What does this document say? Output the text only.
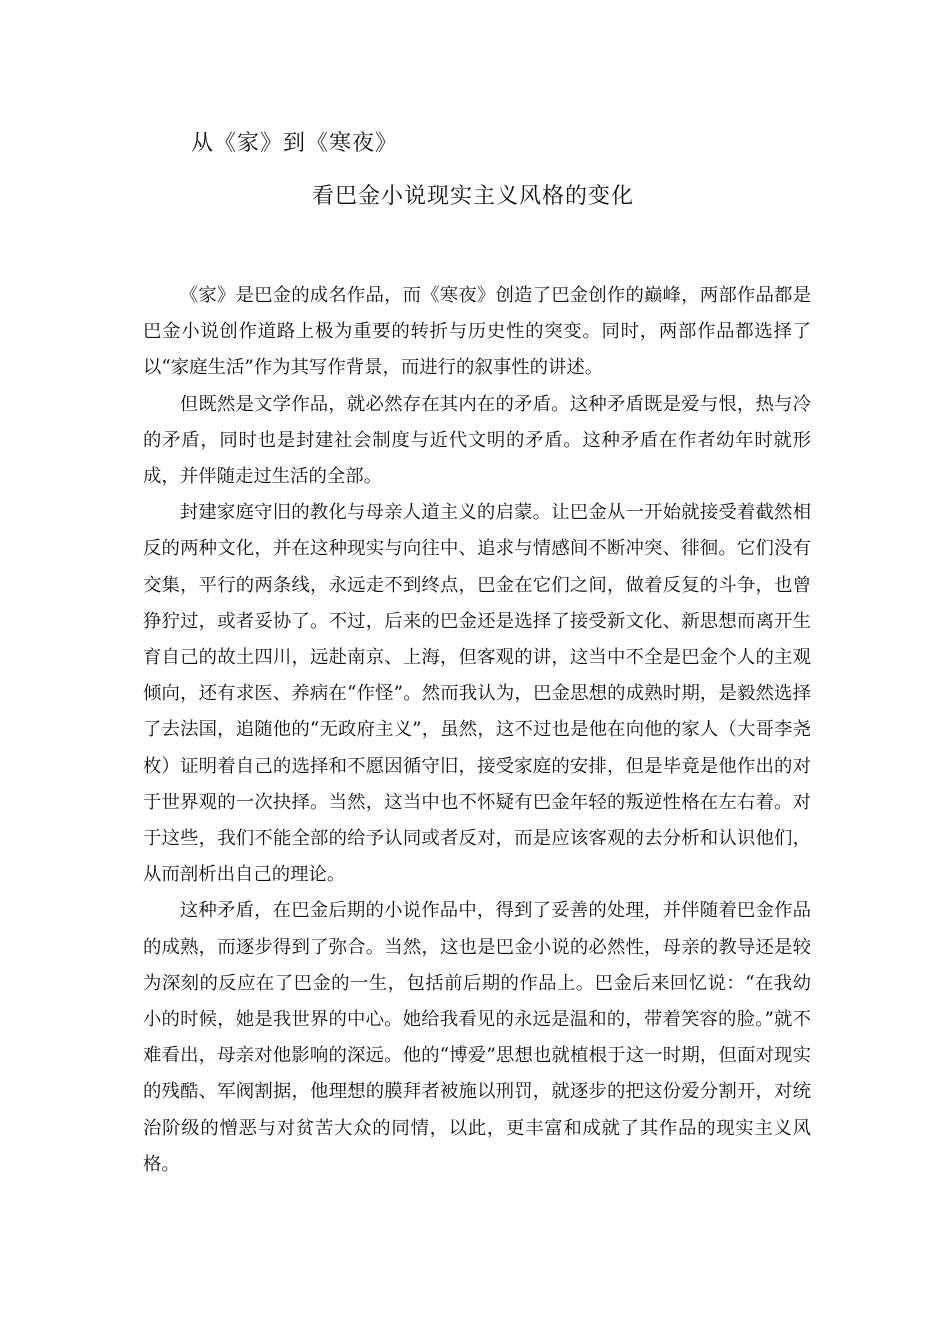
从《家》到《寒夜》
看巴金小说现实主义风格的变化

《家》是巴金的成名作品，而《寒夜》创造了巴金创作的巅峰，两部作品都是巴金小说创作道路上极为重要的转折与历史性的突变。同时，两部作品都选择了以“家庭生活”作为其写作背景，而进行的叙事性的讲述。

但既然是文学作品，就必然存在其内在的矛盾。这种矛盾既是爱与恨，热与冷的矛盾，同时也是封建社会制度与近代文明的矛盾。这种矛盾在作者幼年时就形成，并伴随走过生活的全部。

封建家庭守旧的教化与母亲人道主义的启蒙。让巴金从一开始就接受着截然相反的两种文化，并在这种现实与向往中、追求与情感间不断冲突、徘徊。它们没有交集，平行的两条线，永远走不到终点，巴金在它们之间，做着反复的斗争，也曾狰狞过，或者妥协了。不过，后来的巴金还是选择了接受新文化、新思想而离开生育自己的故土四川，远赴南京、上海，但客观的讲，这当中不全是巴金个人的主观倾向，还有求医、养病在“作怪”。然而我认为，巴金思想的成熟时期，是毅然选择了去法国，追随他的“无政府主义”，虽然，这不过也是他在向他的家人（大哥李尧枚）证明着自己的选择和不愿因循守旧，接受家庭的安排，但是毕竟是他作出的对于世界观的一次抉择。当然，这当中也不怀疑有巴金年轻的叛逆性格在左右着。对于这些，我们不能全部的给予认同或者反对，而是应该客观的去分析和认识他们，从而剖析出自己的理论。

这种矛盾，在巴金后期的小说作品中，得到了妥善的处理，并伴随着巴金作品的成熟，而逐步得到了弥合。当然，这也是巴金小说的必然性，母亲的教导还是较为深刻的反应在了巴金的一生，包括前后期的作品上。巴金后来回忆说：“在我幼小的时候，她是我世界的中心。她给我看见的永远是温和的，带着笑容的脸。”就不难看出，母亲对他影响的深远。他的“博爱”思想也就植根于这一时期，但面对现实的残酷、军阀割据，他理想的膜拜者被施以刑罚，就逐步的把这份爱分割开，对统治阶级的憎恶与对贫苦大众的同情，以此，更丰富和成就了其作品的现实主义风格。
